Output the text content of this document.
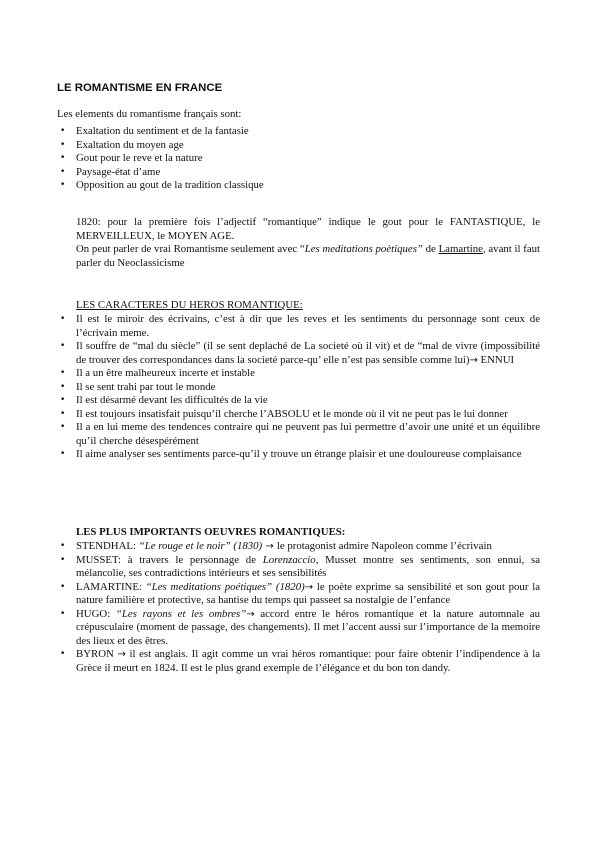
LE ROMANTISME EN FRANCE
Les elements du romantisme français sont:
• Exaltation du sentiment et de la fantasie
• Exaltation du moyen age
• Gout pour le reve et la nature
• Paysage-état d’ame
• Opposition au gout de la tradition classique

1820: pour la première fois l’adjectif “romantique” indique le gout pour le FANTASTIQUE, le MERVEILLEUX, le MOYEN AGE.

On peut parler de vrai Romantisme seulement avec “Les meditations poètiques” de Lamartine, avant il faut parler du Neoclassicisme

LES CARACTERES DU HEROS ROMANTIQUE:
• Il est le miroir des écrivains, c’est à dir que les reves et les sentiments du personnage sont ceux de l’écrivain meme.
• Il souffre de “mal du siècle” (il se sent deplaché de La societé où il vit) et de “mal de vivre (impossibilité de trouver des correspondances dans la societé parce-qu’ elle n’est pas sensible comme lui)→ ENNUI
• Il a un être malheureux incerte et instable
• Il se sent trahi par tout le monde
• Il est désarmé devant les difficultés de la vie
• Il est toujours insatisfait puisqu’il cherche l’ABSOLU et le monde où il vit ne peut pas le lui donner
• Il a en lui meme des tendences contraire qui ne peuvent pas lui permettre d’avoir une unité et un équilibre qu’il cherche désespérément
• Il aime analyser ses sentiments parce-qu’il y trouve un étrange plaisir et une douloureuse complaisance
LES PLUS IMPORTANTS OEUVRES ROMANTIQUES:
• STENDHAL: “Le rouge et le noir” (1830) → le protagonist admire Napoleon comme l’écrivain
• MUSSET: à travers le personnage de Lorenzaccio, Musset montre ses sentiments, son ennui, sa mélancolie, ses contradictions intérieurs et ses sensibilités
• LAMARTINE: “Les meditations poétiques” (1820)→ le poète exprime sa sensibilité et son gout pour la nature familière et protective, sa hantise du temps qui passeet sa nostalgie de l’enfance
• HUGO: “Les rayons et les ombres”→ accord entre le héros romantique et la nature automnale au crépusculaire (moment de passage, des changements). Il met l’accent aussi sur l’importance de la memoire des lieux et des êtres.
• BYRON → il est anglais. Il agit comme un vrai héros romantique: pour faire obtenir l’indipendence à la Grèce il meurt en 1824. Il est le plus grand exemple de l’élégance et du bon ton dandy.
